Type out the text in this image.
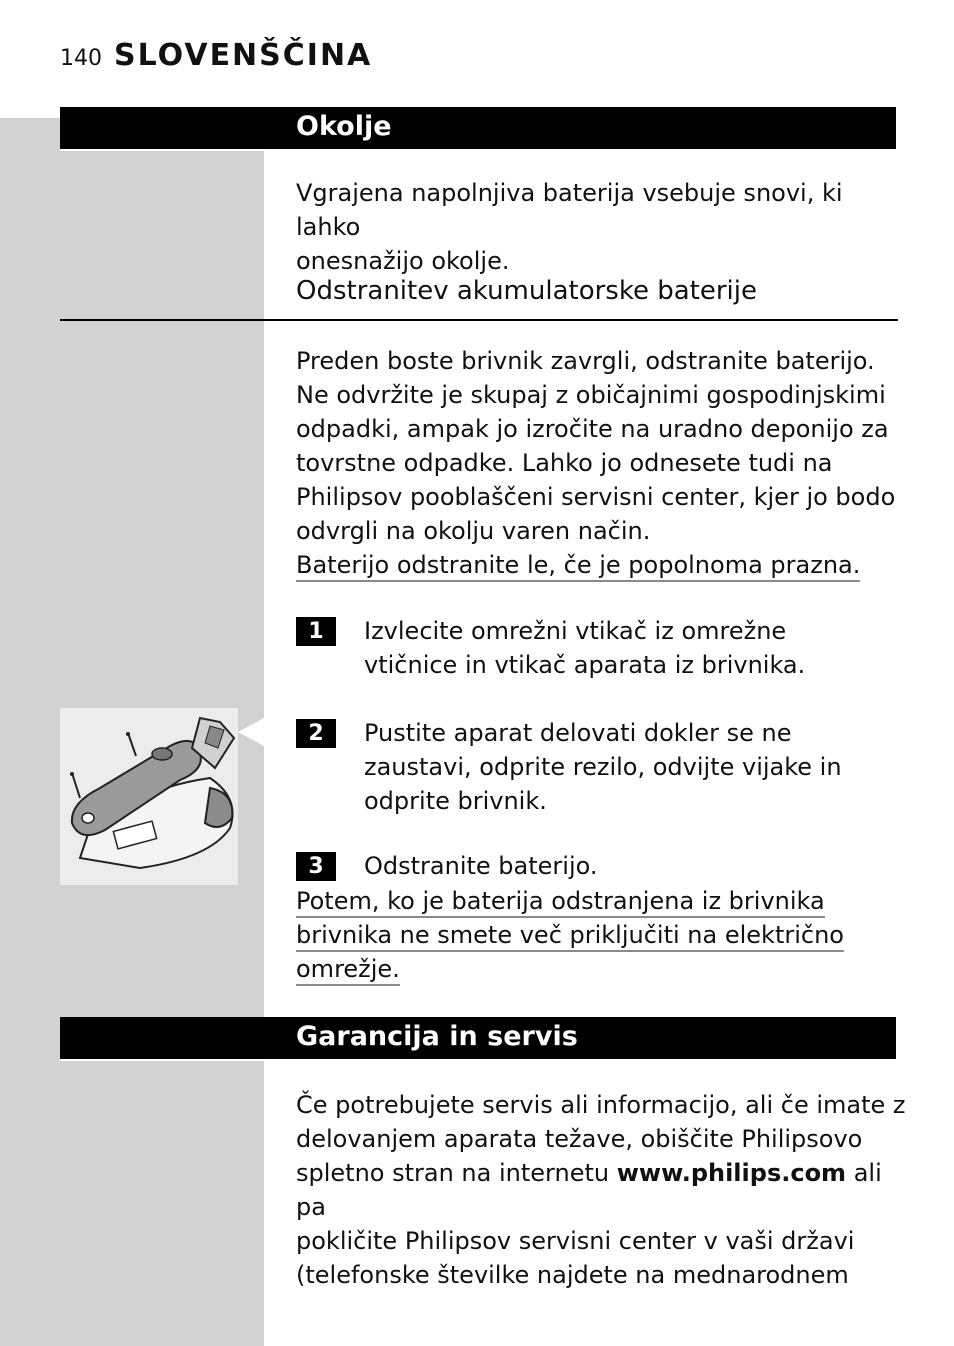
140 SLOVENŠČINA
Okolje
Vgrajena napolnjiva baterija vsebuje snovi, ki lahko
onesnažijo okolje.
Odstranitev akumulatorske baterije
Preden boste brivnik zavrgli, odstranite baterijo.
Ne odvržite je skupaj z običajnimi gospodinjskimi
odpadki, ampak jo izročite na uradno deponijo za
tovrstne odpadke. Lahko jo odnesete tudi na
Philipsov pooblaščeni servisni center, kjer jo bodo
odvrgli na okolju varen način.
Baterijo odstranite le, če je popolnoma prazna.
1	Izvlecite omrežni vtikač iz omrežne
vtičnice in vtikač aparata iz brivnika.
2	Pustite aparat delovati dokler se ne
zaustavi, odprite rezilo, odvijte vijake in
odprite brivnik.
3	Odstranite baterijo.
Potem, ko je baterija odstranjena iz brivnika
brivnika ne smete več priključiti na električno
omrežje.
Garancija in servis
Če potrebujete servis ali informacijo, ali če imate z
delovanjem aparata težave, obiščite Philipsovo
spletno stran na internetu www.philips.com ali pa
pokličite Philipsov servisni center v vaši državi
(telefonske številke najdete na mednarodnem
